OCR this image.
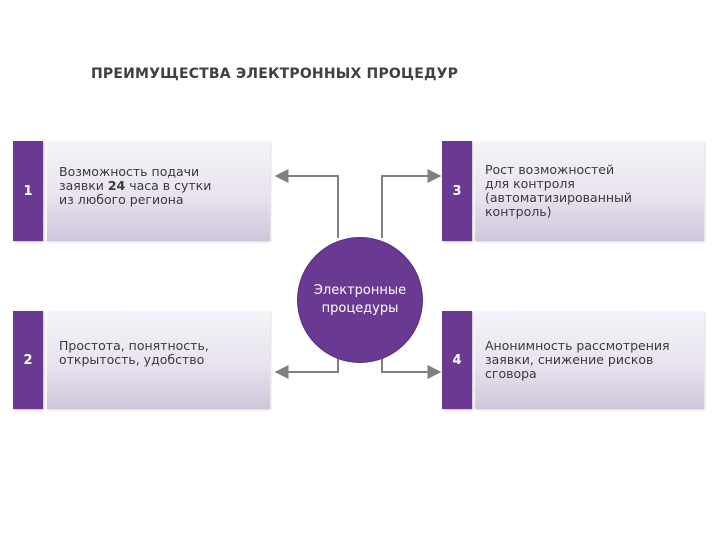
ПРЕИМУЩЕСТВА ЭЛЕКТРОННЫХ ПРОЦЕДУР
1
Возможность подачи
заявки 24 часа в сутки
из любого региона
2
Простота, понятность,
открытость, удобство
3
Рост возможностей
для контроля
(автоматизированный
контроль)
4
Анонимность рассмотрения
заявки, снижение рисков
сговора
Электронные
процедуры
